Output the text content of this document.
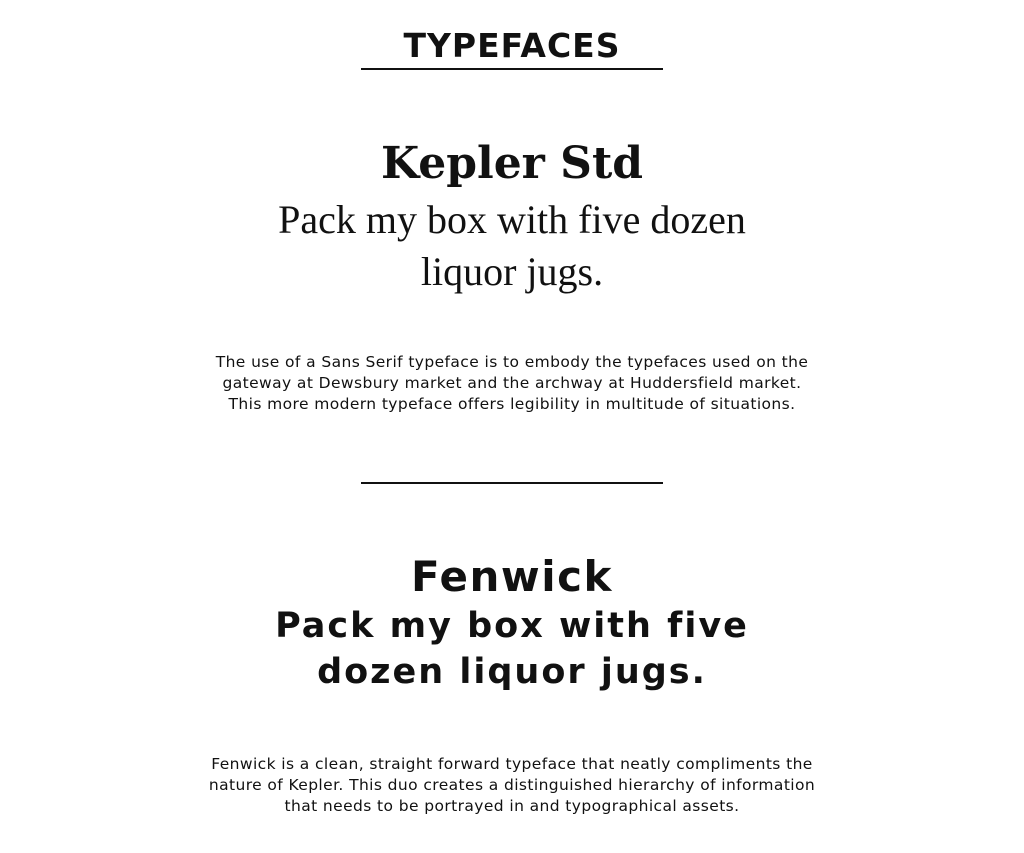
TYPEFACES
Kepler Std
Pack my box with five dozen liquor jugs.
The use of a Sans Serif typeface is to embody the typefaces used on the
gateway at Dewsbury market and the archway at Huddersfield market.
This more modern typeface offers legibility in multitude of situations.
Fenwick
Pack my box with five dozen liquor jugs.
Fenwick is a clean, straight forward typeface that neatly compliments the
nature of Kepler. This duo creates a distinguished hierarchy of information
that needs to be portrayed in and typographical assets.
